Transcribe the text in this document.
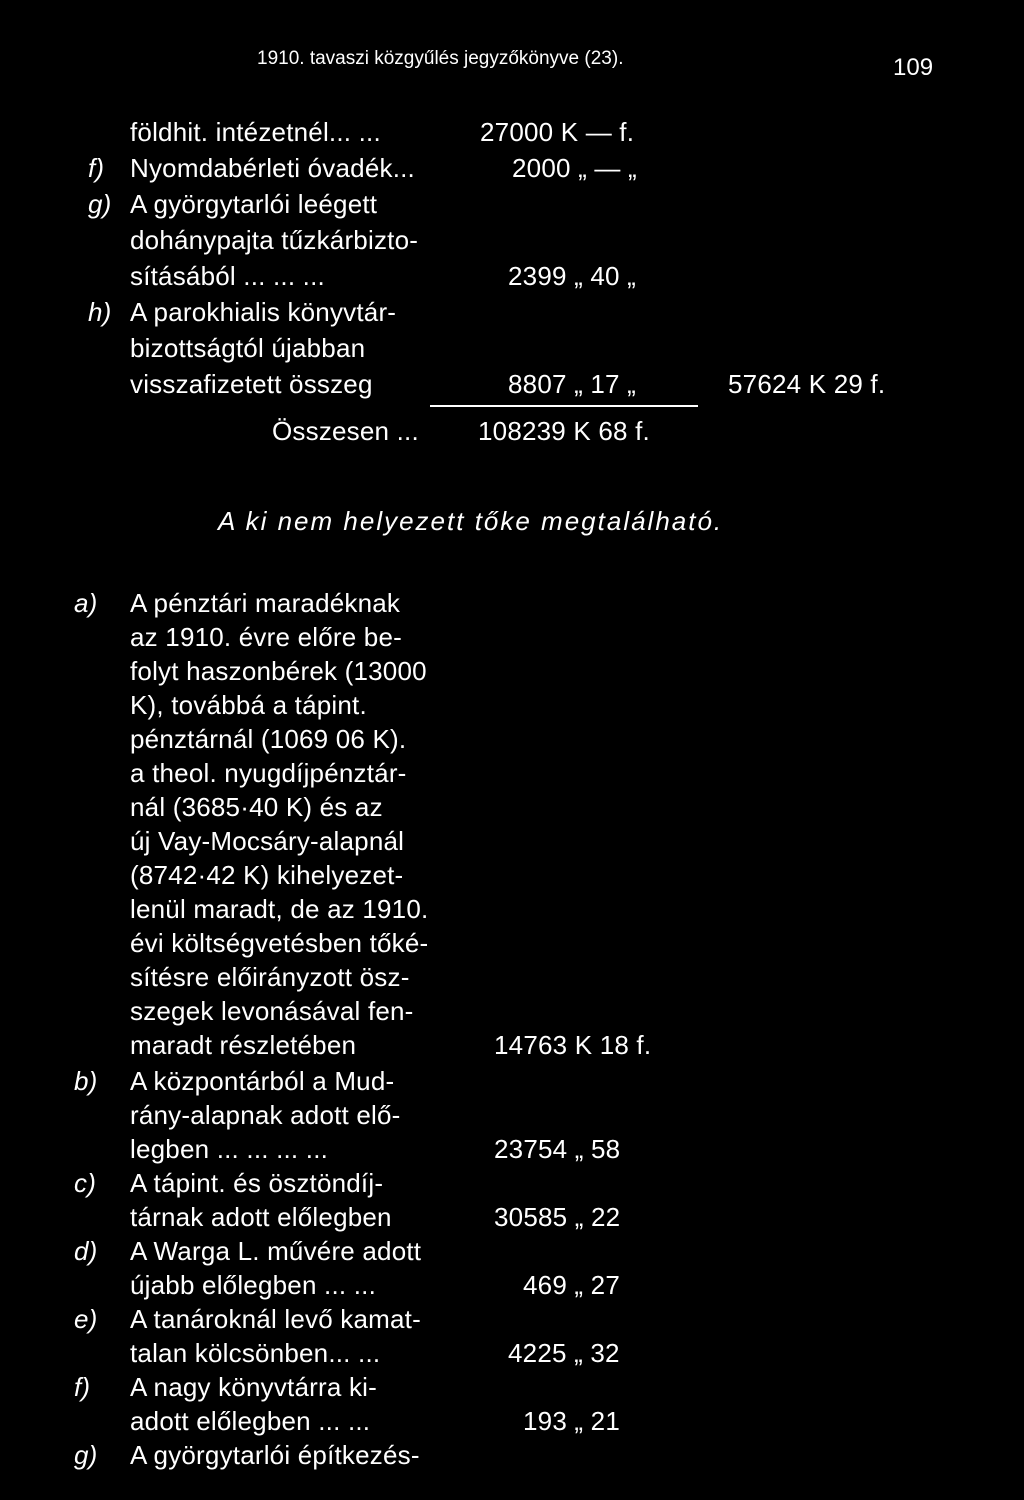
1910. tavaszi közgyűlés jegyzőkönyve (23).	109
földhit. intézetnél... ...	27000 K — f.
f) Nyomdabérleti óvadék...	2000 „ — „
g) A györgytarlói leégett
dohánypajta tűzkárbizto-
sításából ... ... ...	2399 „ 40 „
h) A parokhialis könyvtár-
bizottságtól újabban
visszafizetett összeg	8807 „ 17 „	57624 K 29 f.
Összesen ... 108239 K 68 f.
A ki nem helyezett tőke megtalálható.
a) A pénztári maradéknak
az 1910. évre előre be-
folyt haszonbérek (13000
K), továbbá a tápint.
pénztárnál (1069 06 K).
a theol. nyugdíjpénztár-
nál (3685·40 K) és az
új Vay-Mocsáry-alapnál
(8742·42 K) kihelyezet-
lenül maradt, de az 1910.
évi költségvetésben tőké-
sítésre előirányzott ösz-
szegek levonásával fen-
maradt részletében	14763 K 18 f.
b) A központárból a Mud-
rány-alapnak adott elő-
legben ... ... ... ...	23754 „ 58
c) A tápint. és ösztöndíj-
tárnak adott előlegben	30585 „ 22
d) A Warga L. művére adott
újabb előlegben ... ...	469 „ 27
e) A tanároknál levő kamat-
talan kölcsönben... ...	4225 „ 32
f) A nagy könyvtárra ki-
adott előlegben ... ...	193 „ 21
g) A györgytarlói építkezés-
